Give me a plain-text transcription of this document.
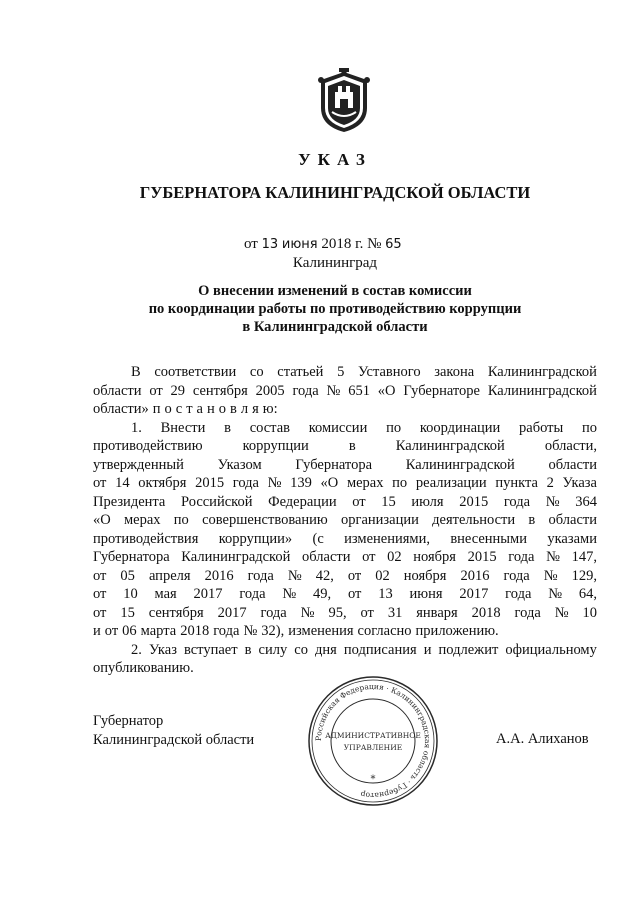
УКАЗ
ГУБЕРНАТОРА КАЛИНИНГРАДСКОЙ ОБЛАСТИ
от 13 июня 2018 г. № 65
Калининград
О внесении изменений в состав комиссии
по координации работы по противодействию коррупции
в Калининградской области
В соответствии со статьей 5 Уставного закона Калининградской
области от 29 сентября 2005 года № 651 «О Губернаторе Калининградской
области» п о с т а н о в л я ю:
1. Внести в состав комиссии по координации работы по
противодействию	коррупции	в	Калининградской	области,
утвержденный Указом Губернатора Калининградской области
от 14 октября 2015 года № 139 «О мерах по реализации пункта 2 Указа
Президента Российской Федерации от 15 июля 2015 года № 364
«О мерах по совершенствованию организации деятельности в области
противодействия коррупции» (с изменениями, внесенными указами
Губернатора Калининградской области от 02 ноября 2015 года № 147,
от 05 апреля 2016 года № 42, от 02 ноября 2016 года № 129,
от 10 мая 2017 года № 49, от 13 июня 2017 года № 64,
от 15 сентября 2017 года № 95, от 31 января 2018 года № 10
и от 06 марта 2018 года № 32), изменения согласно приложению.
2. Указ вступает в силу со дня подписания и подлежит официальному
опубликованию.
Губернатор
Калининградской области	А.А. Алиханов
Российская Федерация · Калининградская область · Губернатор
АДМИНИСТРАТИВНОЕ
УПРАВЛЕНИЕ
*
